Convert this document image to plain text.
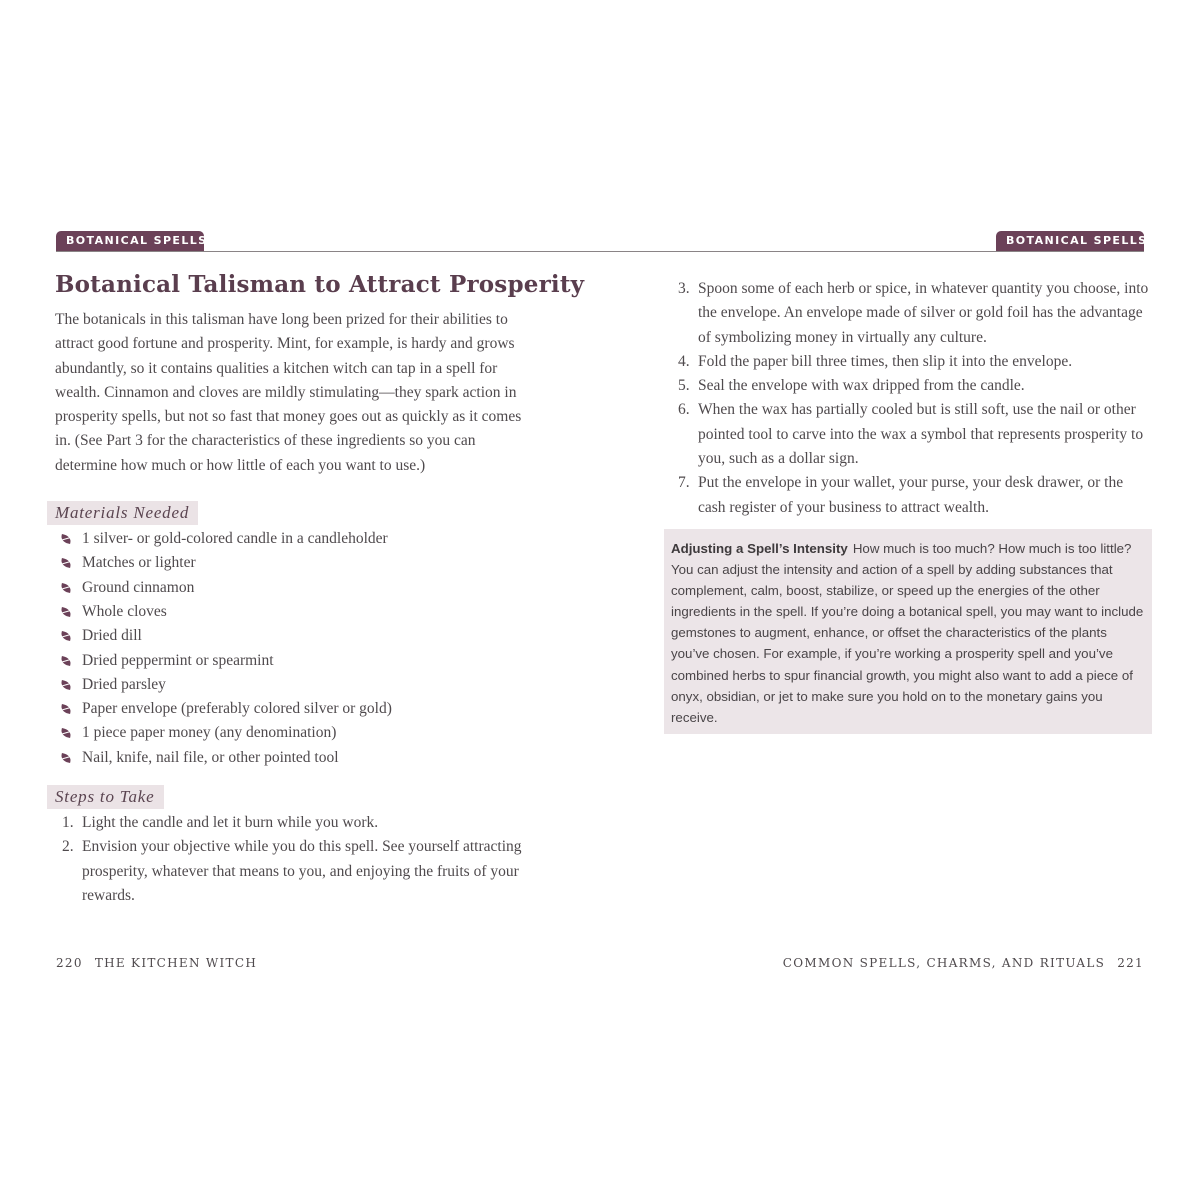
BOTANICAL SPELLS	BOTANICAL SPELLS
Botanical Talisman to Attract Prosperity

The botanicals in this talisman have long been prized for their abilities to attract good fortune and prosperity. Mint, for example, is hardy and grows abundantly, so it contains qualities a kitchen witch can tap in a spell for wealth. Cinnamon and cloves are mildly stimulating—they spark action in prosperity spells, but not so fast that money goes out as quickly as it comes in. (See Part 3 for the characteristics of these ingredients so you can determine how much or how little of each you want to use.)

Materials Needed
1 silver- or gold-colored candle in a candleholder
Matches or lighter
Ground cinnamon
Whole cloves
Dried dill
Dried peppermint or spearmint
Dried parsley
Paper envelope (preferably colored silver or gold)
1 piece paper money (any denomination)
Nail, knife, nail file, or other pointed tool
Steps to Take
1. Light the candle and let it burn while you work.
2. Envision your objective while you do this spell. See yourself attracting prosperity, whatever that means to you, and enjoying the fruits of your rewards.
3. Spoon some of each herb or spice, in whatever quantity you choose, into the envelope. An envelope made of silver or gold foil has the advantage of symbolizing money in virtually any culture.
4. Fold the paper bill three times, then slip it into the envelope.
5. Seal the envelope with wax dripped from the candle.
6. When the wax has partially cooled but is still soft, use the nail or other pointed tool to carve into the wax a symbol that represents prosperity to you, such as a dollar sign.
7. Put the envelope in your wallet, your purse, your desk drawer, or the cash register of your business to attract wealth.
Adjusting a Spell’s Intensity How much is too much? How much is too little? You can adjust the intensity and action of a spell by adding substances that complement, calm, boost, stabilize, or speed up the energies of the other ingredients in the spell. If you’re doing a botanical spell, you may want to include gemstones to augment, enhance, or offset the characteristics of the plants you’ve chosen. For example, if you’re working a prosperity spell and you’ve combined herbs to spur financial growth, you might also want to add a piece of onyx, obsidian, or jet to make sure you hold on to the monetary gains you receive.
220 THE KITCHEN WITCH	COMMON SPELLS, CHARMS, AND RITUALS 221
